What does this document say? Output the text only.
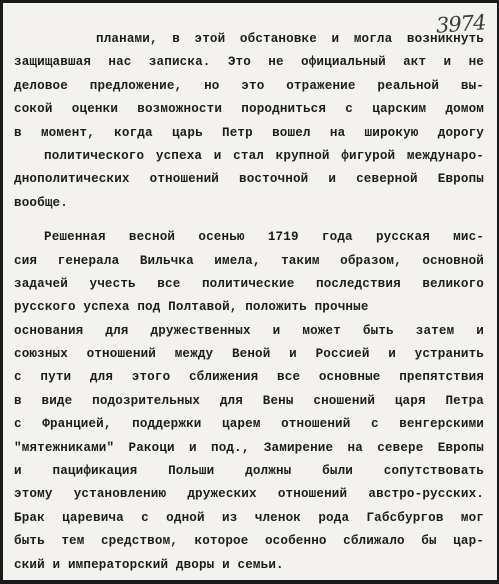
3974
планами, в этой обстановке и могла возникнуть
защищавшая нас записка. Это не официальный акт и не
деловое предложение, но это отражение реальной вы-
сокой оценки возможности породниться с царским домом
в момент, когда царь Петр вошел на широкую дорогу
политического успеха и стал крупной фигурой междунаро-
днополитических отношений восточной и северной Европы
вообще.
Решенная весной осенью 1719 года русская мис-
сия генерала Вильчка имела, таким образом, основной
задачей учесть все политические последствия великого
русского успеха под Полтавой, положить прочные
основания для дружественных и может быть затем и
союзных отношений между Веной и Россией и устранить
с пути для этого сближения все основные препятствия
в виде подозрительных для Вены сношений царя Петра
с Францией, поддержки царем отношений с венгерскими
"мятежниками" Ракоци и под., Замирение на севере Европы
и пацификация Польши должны были сопутствовать
этому установлению дружеских отношений австро-русских.
Брак царевича с одной из членок рода Габсбургов мог
быть тем средством, которое особенно сближало бы цар-
ский и императорский дворы и семьи.
